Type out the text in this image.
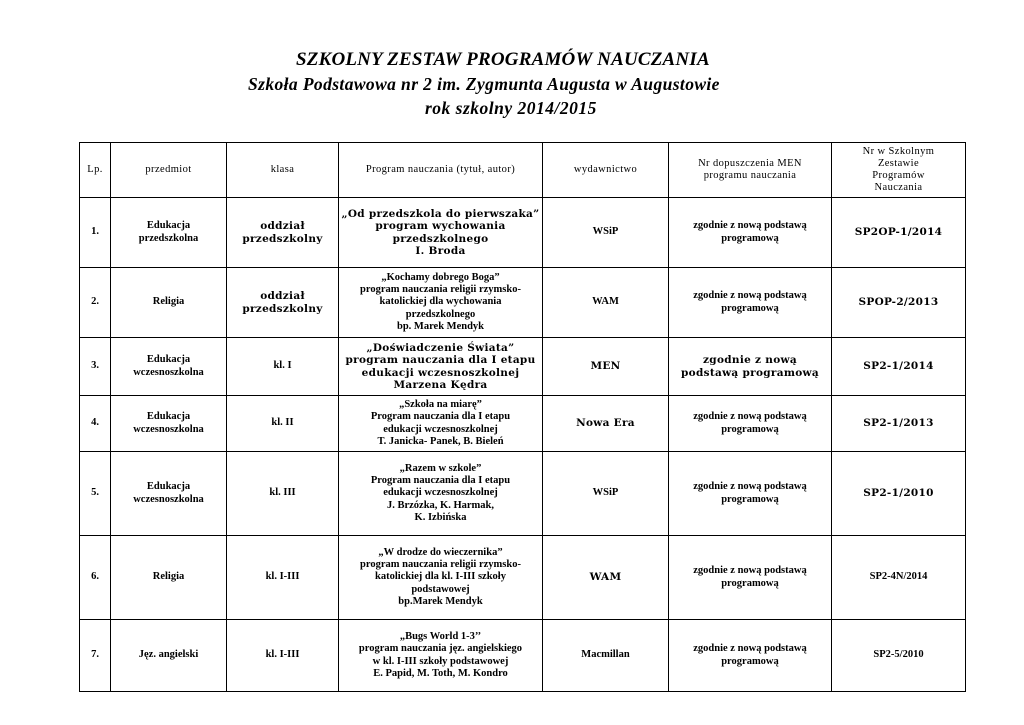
SZKOLNY ZESTAW PROGRAMÓW NAUCZANIA
Szkoła Podstawowa nr 2 im. Zygmunta Augusta w Augustowie
rok szkolny 2014/2015
Lp.	przedmiot	klasa	Program nauczania (tytuł, autor)	wydawnictwo	Nr dopuszczenia MEN
programu nauczania	Nr w Szkolnym
Zestawie
Programów
Nauczania

1.	Edukacja
przedszkolna	oddział
przedszkolny	„Od przedszkola do pierwszaka”
program wychowania
przedszkolnego
I. Broda	WSiP	zgodnie z nową podstawą
programową	SP2OP-1/2014
2.	Religia	oddział
przedszkolny	„Kochamy dobrego Boga”
program nauczania religii rzymsko-
katolickiej dla wychowania
przedszkolnego
bp. Marek Mendyk	WAM	zgodnie z nową podstawą
programową	SPOP-2/2013
3.	Edukacja
wczesnoszkolna	kl. I	„Doświadczenie Świata”
program nauczania dla I etapu
edukacji wczesnoszkolnej
Marzena Kędra	MEN	zgodnie z nową
podstawą programową	SP2-1/2014
4.	Edukacja
wczesnoszkolna	kl. II	„Szkoła na miarę”
Program nauczania dla I etapu
edukacji wczesnoszkolnej
T. Janicka- Panek, B. Bieleń	Nowa Era	zgodnie z nową podstawą
programową	SP2-1/2013
5.	Edukacja
wczesnoszkolna	kl. III	„Razem w szkole”
Program nauczania dla I etapu
edukacji wczesnoszkolnej
J. Brzózka, K. Harmak,
K. Izbińska	WSiP	zgodnie z nową podstawą
programową	SP2-1/2010
6.	Religia	kl. I-III	„W drodze do wieczernika”
program nauczania religii rzymsko-
katolickiej dla kl. I-III szkoły
podstawowej
bp.Marek Mendyk	WAM	zgodnie z nową podstawą
programową	SP2-4N/2014
7.	Jęz. angielski	kl. I-III	„Bugs World 1-3’’
program nauczania jęz. angielskiego
w kl. I-III szkoły podstawowej
E. Papid, M. Toth, M. Kondro	Macmillan	zgodnie z nową podstawą
programową	SP2-5/2010
